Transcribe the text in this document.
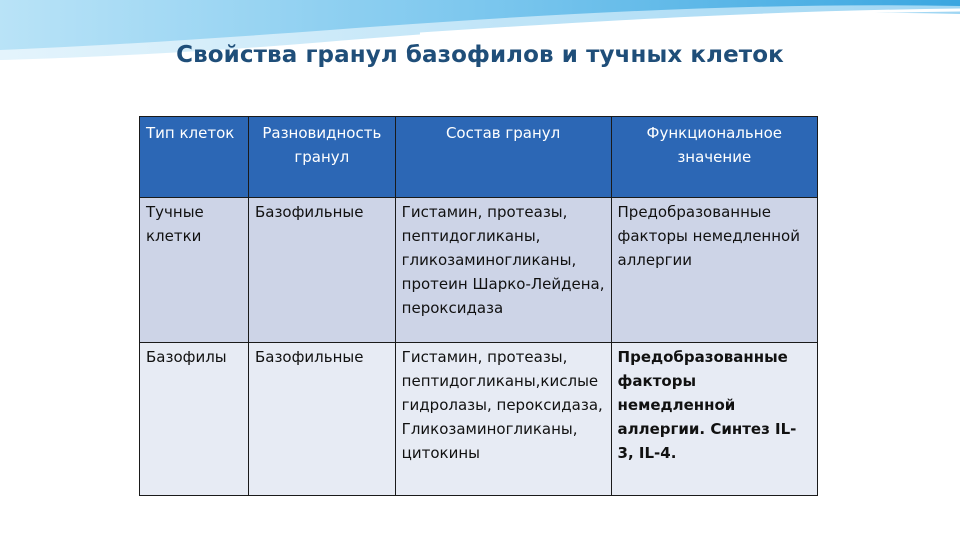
Свойства гранул базофилов и тучных клеток
Тип клеток	Разновидность гранул	Состав гранул	Функциональное значение
Тучные клетки	Базофильные	Гистамин, протеазы, пептидогликаны, гликозаминогликаны, протеин Шарко-Лейдена, пероксидаза	Предобразованные факторы немедленной аллергии
Базофилы	Базофильные	Гистамин, протеазы, пептидогликаны,кислые гидролазы, пероксидаза, Гликозаминогликаны, цитокины	Предобразованные факторы немедленной аллергии. Синтез IL-3, IL-4.
